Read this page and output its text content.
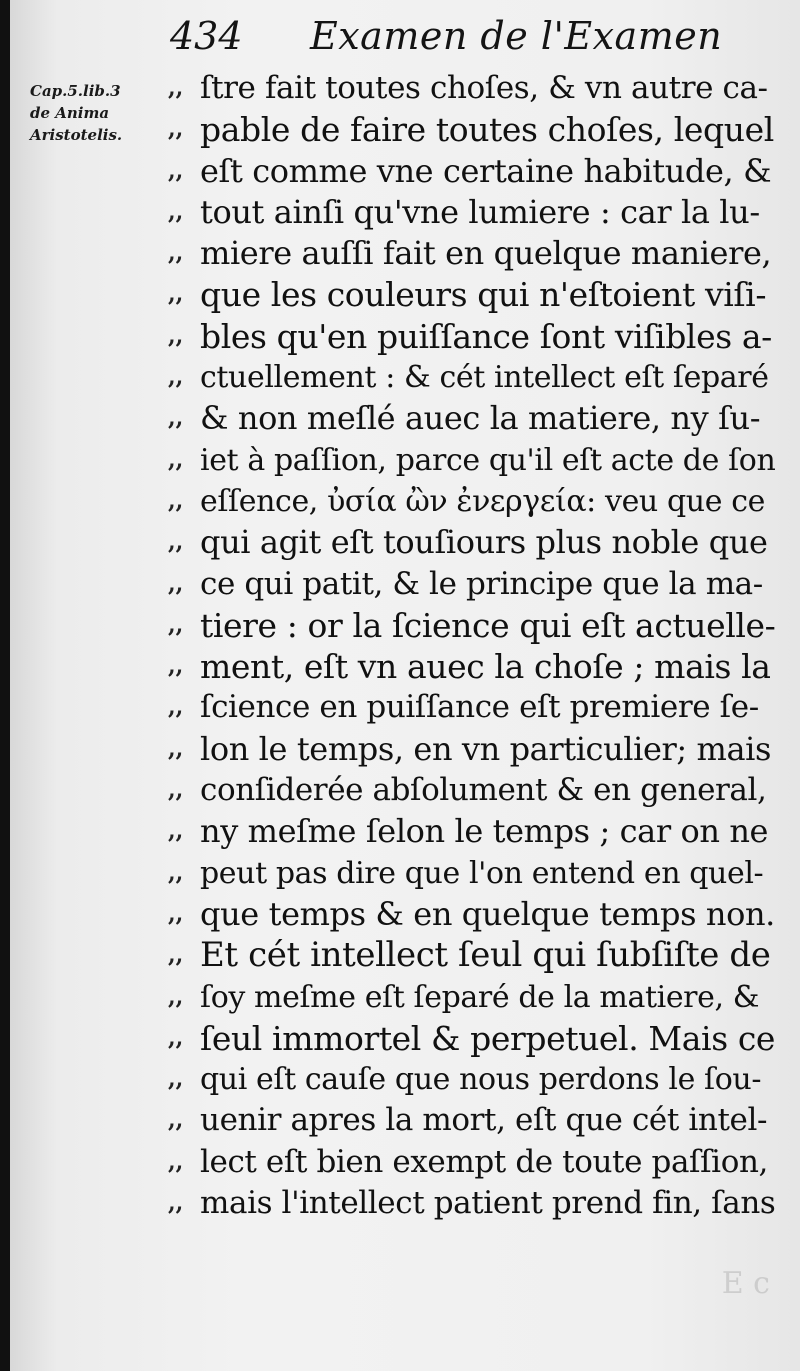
434 Examen de l'Examen
Cap.5.lib.3
de Anima
Aristotelis.
,, ſtre fait toutes choſes, & vn autre ca-
,, pable de faire toutes choſes, lequel
,, eſt comme vne certaine habitude, &
,, tout ainſi qu'vne lumiere : car la lu-
,, miere auſſi fait en quelque maniere,
,, que les couleurs qui n'eſtoient viſi-
,, bles qu'en puiſſance ſont viſibles a-
,, ctuellement : & cét intellect eſt ſeparé
,, & non meſlé auec la matiere, ny ſu-
,, iet à paſſion, parce qu'il eſt acte de ſon
,, eſſence, ὐσία ὢν ἐνεργεία: veu que ce
,, qui agit eſt touſiours plus noble que
,, ce qui patit, & le principe que la ma-
,, tiere : or la ſcience qui eſt actuelle-
,, ment, eſt vn auec la choſe ; mais la
,, ſcience en puiſſance eſt premiere ſe-
,, lon le temps, en vn particulier; mais
,, conſiderée abſolument & en general,
,, ny meſme ſelon le temps ; car on ne
,, peut pas dire que l'on entend en quel-
,, que temps & en quelque temps non.
,, Et cét intellect ſeul qui ſubſiſte de
,, ſoy meſme eſt ſeparé de la matiere, &
,, ſeul immortel & perpetuel. Mais ce
,, qui eſt cauſe que nous perdons le ſou-
,, uenir apres la mort, eſt que cét intel-
,, lect eſt bien exempt de toute paſſion,
,, mais l'intellect patient prend fin, ſans
E c
